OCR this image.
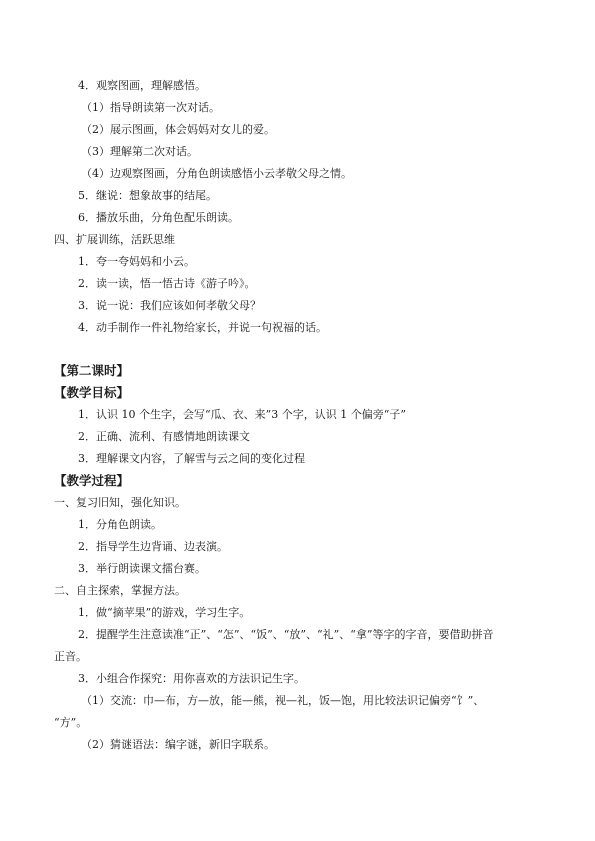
4．观察图画，理解感悟。
（1）指导朗读第一次对话。
（2）展示图画，体会妈妈对女儿的爱。
（3）理解第二次对话。
（4）边观察图画，分角色朗读感悟小云孝敬父母之情。
5．继说：想象故事的结尾。
6．播放乐曲，分角色配乐朗读。
四、扩展训练，活跃思维
1．夸一夸妈妈和小云。
2．读一读，悟一悟古诗《游子吟》。
3．说一说：我们应该如何孝敬父母？
4．动手制作一件礼物给家长，并说一句祝福的话。
【第二课时】
【教学目标】
1．认识 10 个生字，会写“瓜、衣、来”3 个字，认识 1 个偏旁“子”
2．正确、流利、有感情地朗读课文
3．理解课文内容，了解雪与云之间的变化过程
【教学过程】
一、复习旧知，强化知识。
1．分角色朗读。
2．指导学生边背诵、边表演。
3．举行朗读课文擂台赛。
二、自主探索，掌握方法。
1．做“摘苹果”的游戏，学习生字。
2．提醒学生注意读准“正”、“怎”、“饭”、“放”、“礼”、“拿”等字的字音，要借助拼音
正音。
3．小组合作探究：用你喜欢的方法识记生字。
（1）交流：巾—布，方—放，能—熊，视—礼，饭—饱，用比较法识记偏旁“饣”、
“方”。
（2）猜谜语法：编字谜，新旧字联系。
